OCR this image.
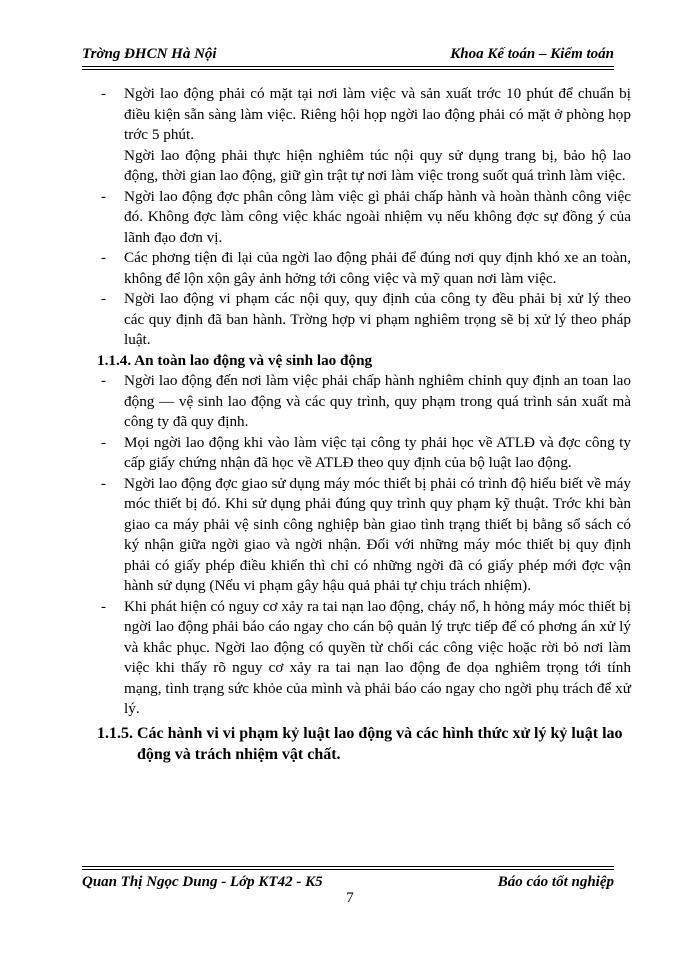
Trờng ĐHCN Hà Nội	Khoa Kế toán – Kiểm toán
- Ngời lao động phải có mặt tại nơi làm việc và sản xuất trớc 10 phút để chuẩn bị điều kiện sẵn sàng làm việc. Riêng hội họp ngời lao động phải có mặt ở phòng họp trớc 5 phút.
Ngời lao động phải thực hiện nghiêm túc nội quy sử dụng trang bị, bảo hộ lao động, thời gian lao động, giữ gìn trật tự nơi làm việc trong suốt quá trình làm việc.
- Ngời lao động đợc phân công làm việc gì phải chấp hành và hoàn thành công việc đó. Không đợc làm công việc khác ngoài nhiệm vụ nếu không đợc sự đồng ý của lãnh đạo đơn vị.
- Các phơng tiện đi lại của ngời lao động phải để đúng nơi quy định khó xe an toàn, không để lộn xộn gây ảnh hởng tới công việc và mỹ quan nơi làm việc.
- Ngời lao động vi phạm các nội quy, quy định của công ty đều phải bị xử lý theo các quy định đã ban hành. Trờng hợp vi phạm nghiêm trọng sẽ bị xử lý theo pháp luật.
1.1.4. An toàn lao động và vệ sinh lao động
- Ngời lao động đến nơi làm việc phải chấp hành nghiêm chỉnh quy định an toan lao động — vệ sinh lao động và các quy trình, quy phạm trong quá trình sản xuất mà công ty đã quy định.
- Mọi ngời lao động khi vào làm việc tại công ty phải học về ATLĐ và đợc công ty cấp giấy chứng nhận đã học về ATLĐ theo quy định của bộ luật lao động.
- Ngời lao động đợc giao sử dụng máy móc thiết bị phải có trình độ hiểu biết về máy móc thiết bị đó. Khi sử dụng phải đúng quy trình quy phạm kỹ thuật. Trớc khi bàn giao ca máy phải vệ sinh công nghiệp bàn giao tình trạng thiết bị bằng sổ sách có ký nhận giữa ngời giao và ngời nhận. Đối với những máy móc thiết bị quy định phải có giấy phép điều khiển thì chỉ có những ngời đã có giấy phép mới đợc vận hành sử dụng (Nếu vi phạm gây hậu quả phải tự chịu trách nhiệm).
- Khi phát hiện có nguy cơ xảy ra tai nạn lao động, cháy nổ, h hỏng máy móc thiết bị ngời lao động phải báo cáo ngay cho cán bộ quản lý trực tiếp để có phơng án xử lý và khắc phục. Ngời lao động có quyền từ chối các công việc hoặc rời bỏ nơi làm việc khi thấy rõ nguy cơ xảy ra tai nạn lao động đe dọa nghiêm trọng tới tính mạng, tình trạng sức khỏe của mình và phải báo cáo ngay cho ngời phụ trách để xử lý.
1.1.5. Các hành vi vi phạm kỷ luật lao động và các hình thức xử lý kỷ luật lao động và trách nhiệm vật chất.
Quan Thị Ngọc Dung - Lớp KT42 - K5	Báo cáo tốt nghiệp
7
